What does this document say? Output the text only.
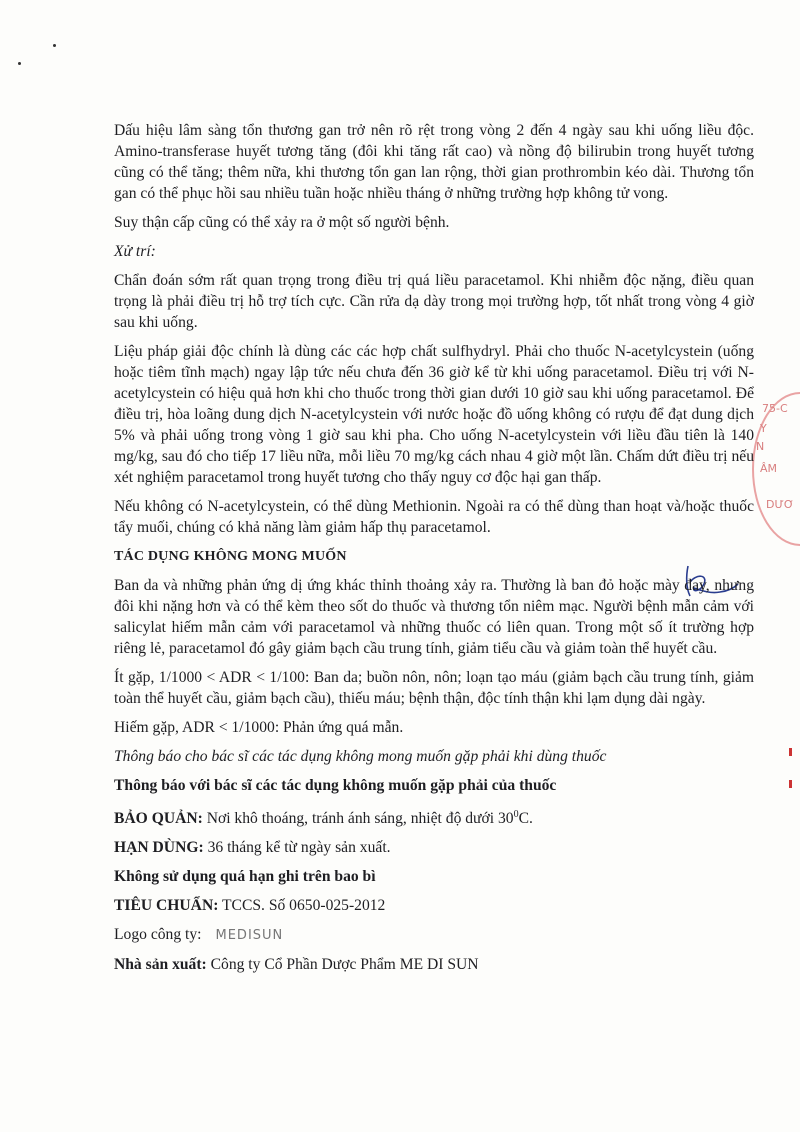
75-C
Y
N
ÂM
DƯƠ

Dấu hiệu lâm sàng tổn thương gan trở nên rõ rệt trong vòng 2 đến 4 ngày sau khi uống liều độc. Amino-transferase huyết tương tăng (đôi khi tăng rất cao) và nồng độ bilirubin trong huyết tương cũng có thể tăng; thêm nữa, khi thương tổn gan lan rộng, thời gian prothrombin kéo dài. Thương tổn gan có thể phục hồi sau nhiều tuần hoặc nhiều tháng ở những trường hợp không tử vong.

Suy thận cấp cũng có thể xảy ra ở một số người bệnh.

Xử trí:

Chẩn đoán sớm rất quan trọng trong điều trị quá liều paracetamol. Khi nhiễm độc nặng, điều quan trọng là phải điều trị hỗ trợ tích cực. Cần rửa dạ dày trong mọi trường hợp, tốt nhất trong vòng 4 giờ sau khi uống.

Liệu pháp giải độc chính là dùng các các hợp chất sulfhydryl. Phải cho thuốc N-acetylcystein (uống hoặc tiêm tĩnh mạch) ngay lập tức nếu chưa đến 36 giờ kể từ khi uống paracetamol. Điều trị với N-acetylcystein có hiệu quả hơn khi cho thuốc trong thời gian dưới 10 giờ sau khi uống paracetamol. Để điều trị, hòa loãng dung dịch N-acetylcystein với nước hoặc đồ uống không có rượu để đạt dung dịch 5% và phải uống trong vòng 1 giờ sau khi pha. Cho uống N-acetylcystein với liều đầu tiên là 140 mg/kg, sau đó cho tiếp 17 liều nữa, mỗi liều 70 mg/kg cách nhau 4 giờ một lần. Chấm dứt điều trị nếu xét nghiệm paracetamol trong huyết tương cho thấy nguy cơ độc hại gan thấp.

Nếu không có N-acetylcystein, có thể dùng Methionin. Ngoài ra có thể dùng than hoạt và/hoặc thuốc tẩy muối, chúng có khả năng làm giảm hấp thụ paracetamol.

TÁC DỤNG KHÔNG MONG MUỐN

Ban da và những phản ứng dị ứng khác thỉnh thoảng xảy ra. Thường là ban đỏ hoặc mày đay, nhưng đôi khi nặng hơn và có thể kèm theo sốt do thuốc và thương tổn niêm mạc. Người bệnh mẫn cảm với salicylat hiếm mẫn cảm với paracetamol và những thuốc có liên quan. Trong một số ít trường hợp riêng lẻ, paracetamol đó gây giảm bạch cầu trung tính, giảm tiểu cầu và giảm toàn thể huyết cầu.

Ít gặp, 1/1000 < ADR < 1/100: Ban da; buồn nôn, nôn; loạn tạo máu (giảm bạch cầu trung tính, giảm toàn thể huyết cầu, giảm bạch cầu), thiếu máu; bệnh thận, độc tính thận khi lạm dụng dài ngày.

Hiếm gặp, ADR < 1/1000: Phản ứng quá mẫn.

Thông báo cho bác sĩ các tác dụng không mong muốn gặp phải khi dùng thuốc

Thông báo với bác sĩ các tác dụng không muốn gặp phải của thuốc

BẢO QUẢN: Nơi khô thoáng, tránh ánh sáng, nhiệt độ dưới $30^0C$.
HẠN DÙNG: 36 tháng kể từ ngày sản xuất.
Không sử dụng quá hạn ghi trên bao bì
TIÊU CHUẨN: TCCS. Số 0650-025-2012
Logo công ty: MEDISUN
Nhà sản xuất: Công ty Cổ Phần Dược Phẩm ME DI SUN
